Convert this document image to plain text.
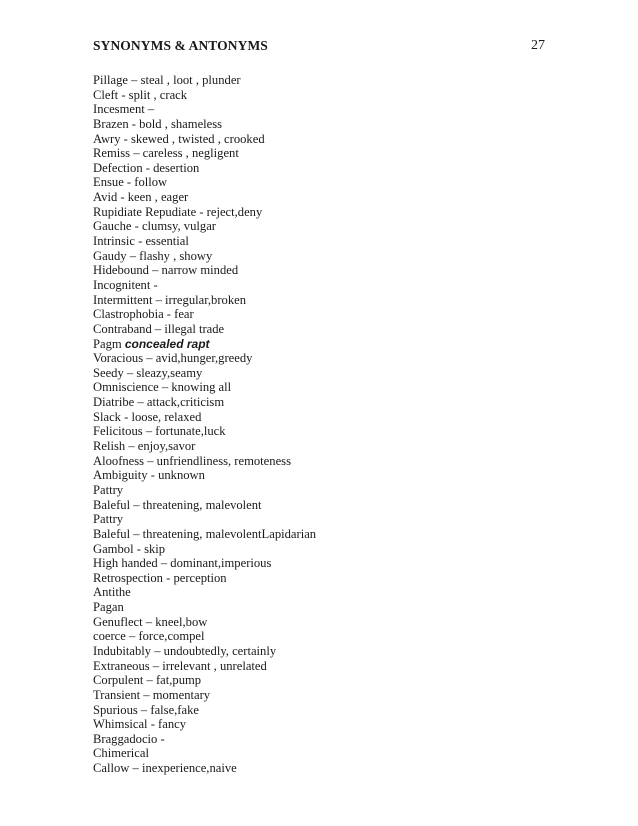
SYNONYMS & ANTONYMS	27
Pillage – steal , loot , plunder
Cleft - split , crack
Incesment –
Brazen - bold , shameless
Awry - skewed , twisted , crooked
Remiss – careless , negligent
Defection - desertion
Ensue - follow
Avid - keen , eager
Rupidiate Repudiate - reject,deny
Gauche - clumsy, vulgar
Intrinsic - essential
Gaudy – flashy , showy
Hidebound – narrow minded
Incognitent -
Intermittent – irregular,broken
Clastrophobia - fear
Contraband – illegal trade
Pagm concealed rapt
Voracious – avid,hunger,greedy
Seedy – sleazy,seamy
Omniscience – knowing all
Diatribe – attack,criticism
Slack - loose, relaxed
Felicitous – fortunate,luck
Relish – enjoy,savor
Aloofness – unfriendliness, remoteness
Ambiguity - unknown
Pattry
Baleful – threatening, malevolent
Pattry
Baleful – threatening, malevolentLapidarian
Gambol - skip
High handed – dominant,imperious
Retrospection - perception
Antithe
Pagan
Genuflect – kneel,bow
coerce – force,compel
Indubitably – undoubtedly, certainly
Extraneous – irrelevant , unrelated
Corpulent – fat,pump
Transient – momentary
Spurious – false,fake
Whimsical - fancy
Braggadocio -
Chimerical
Callow – inexperience,naive
